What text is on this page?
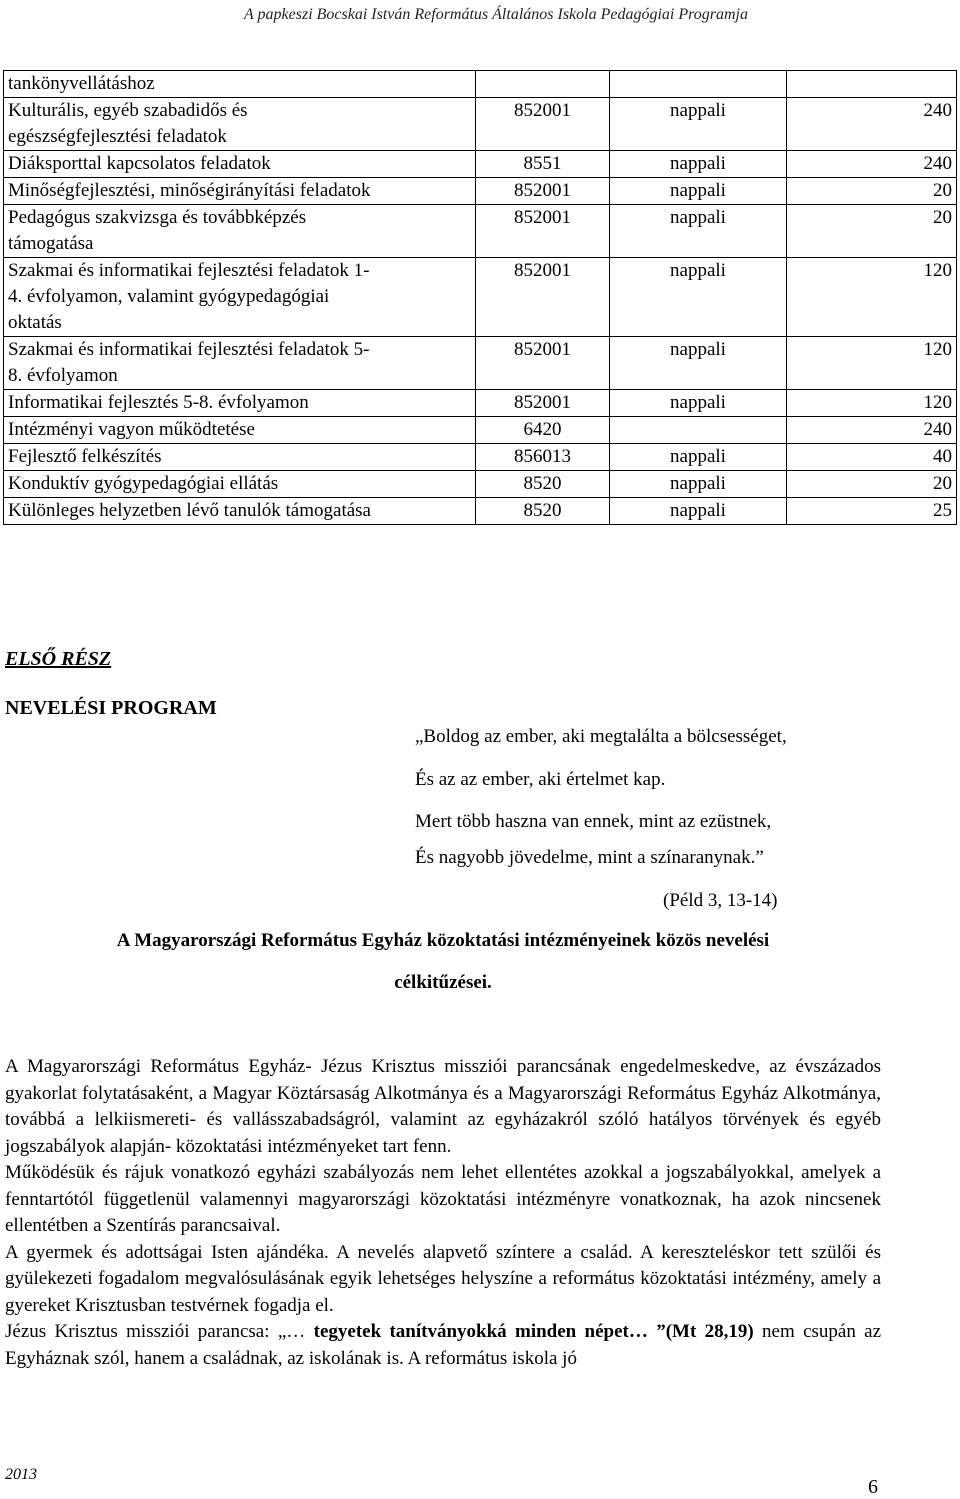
A papkeszi Bocskai István Református Általános Iskola Pedagógiai Programja
tankönyvellátáshoz			

Kulturális, egyéb szabadidős és
egészségfejlesztési feladatok	852001	nappali	240

Diáksporttal kapcsolatos feladatok	8551	nappali	240

Minőségfejlesztési, minőségirányítási feladatok	852001	nappali	20

Pedagógus szakvizsga és továbbképzés
támogatása	852001	nappali	20

Szakmai és informatikai fejlesztési feladatok 1-
4. évfolyamon, valamint gyógypedagógiai
oktatás	852001	nappali	120

Szakmai és informatikai fejlesztési feladatok 5-
8. évfolyamon	852001	nappali	120

Informatikai fejlesztés 5-8. évfolyamon	852001	nappali	120

Intézményi vagyon működtetése	6420		240

Fejlesztő felkészítés	856013	nappali	40

Konduktív gyógypedagógiai ellátás	8520	nappali	20

Különleges helyzetben lévő tanulók támogatása	8520	nappali	25
ELSŐ RÉSZ
NEVELÉSI PROGRAM
„Boldog az ember, aki megtalálta a bölcsességet,
És az az ember, aki értelmet kap.
Mert több haszna van ennek, mint az ezüstnek,
És nagyobb jövedelme, mint a színaranynak.”
(Péld 3, 13-14)
A Magyarországi Református Egyház közoktatási intézményeinek közös nevelési
célkitűzései.

A Magyarországi Református Egyház- Jézus Krisztus missziói parancsának engedelmeskedve, az évszázados gyakorlat folytatásaként, a Magyar Köztársaság Alkotmánya és a Magyarországi Református Egyház Alkotmánya, továbbá a lelkiismereti- és vallásszabadságról, valamint az egyházakról szóló hatályos törvények és egyéb jogszabályok alapján- közoktatási intézményeket tart fenn.

Működésük és rájuk vonatkozó egyházi szabályozás nem lehet ellentétes azokkal a jogszabályokkal, amelyek a fenntartótól függetlenül valamennyi magyarországi közoktatási intézményre vonatkoznak, ha azok nincsenek ellentétben a Szentírás parancsaival.

A gyermek és adottságai Isten ajándéka. A nevelés alapvető színtere a család. A kereszteléskor tett szülői és gyülekezeti fogadalom megvalósulásának egyik lehetséges helyszíne a református közoktatási intézmény, amely a gyereket Krisztusban testvérnek fogadja el.

Jézus Krisztus missziói parancsa: „… tegyetek tanítványokká minden népet… ”(Mt 28,19) nem csupán az Egyháznak szól, hanem a családnak, az iskolának is. A református iskola jó

2013
6
